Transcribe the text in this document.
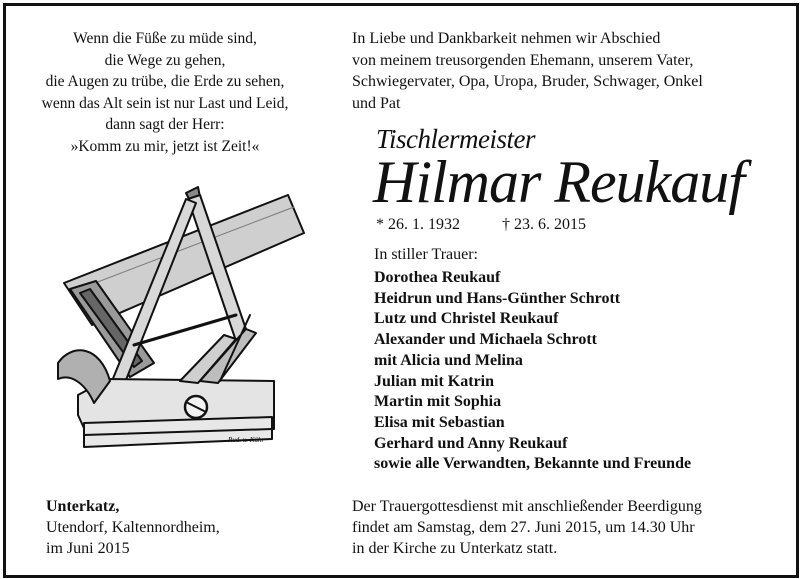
Wenn die Füße zu müde sind,
die Wege zu gehen,
die Augen zu trübe, die Erde zu sehen,
wenn das Alt sein ist nur Last und Leid,
dann sagt der Herr:
»Komm zu mir, jetzt ist Zeit!«
In Liebe und Dankbarkeit nehmen wir Abschied
von meinem treusorgenden Ehemann, unserem Vater,
Schwiegervater, Opa, Uropa, Bruder, Schwager, Onkel
und Pat
Tischlermeister
Hilmar Reukauf
* 26. 1. 1932	† 23. 6. 2015
In stiller Trauer:
Dorothea Reukauf
Heidrun und Hans-Günther Schrott
Lutz und Christel Reukauf
Alexander und Michaela Schrott
mit Alicia und Melina
Julian mit Katrin
Martin mit Sophia
Elisa mit Sebastian
Gerhard und Anny Reukauf
sowie alle Verwandten, Bekannte und Freunde
Unterkatz,
Utendorf, Kaltennordheim,
im Juni 2015
Der Trauergottesdienst mit anschließender Beerdigung
findet am Samstag, dem 27. Juni 2015, um 14.30 Uhr
in der Kirche zu Unterkatz statt.
Rud. u. Kühr
